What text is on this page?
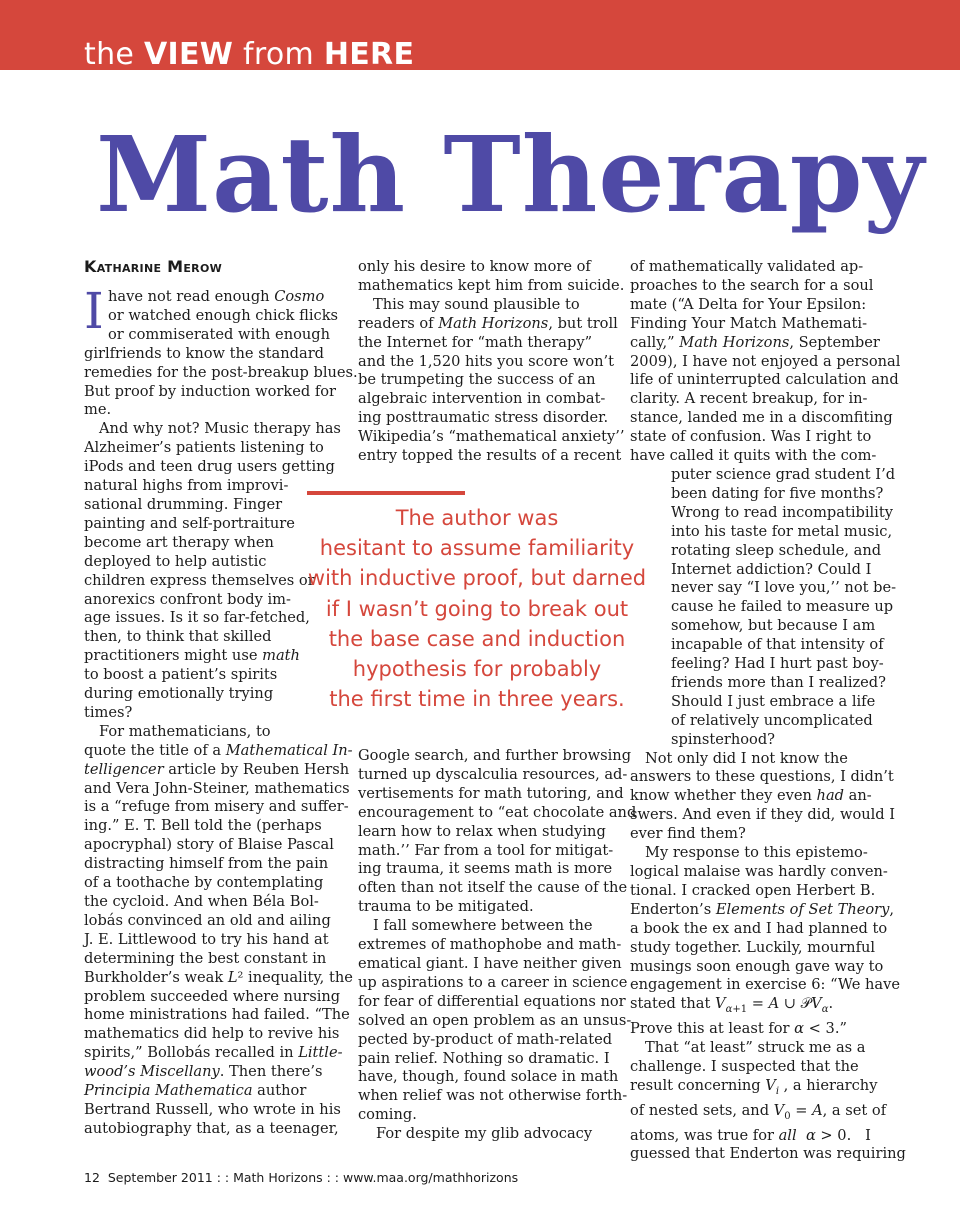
the VIEW from HERE
Math Therapy
Katharine Merow
I have not read enough Cosmo
or watched enough chick flicks
or commiserated with enough
girlfriends to know the standard
remedies for the post-breakup blues.
But proof by induction worked for
me.
And why not? Music therapy has
Alzheimer’s patients listening to
iPods and teen drug users getting
natural highs from improvi-
sational drumming. Finger
painting and self-portraiture
become art therapy when
deployed to help autistic
children express themselves or
anorexics confront body im-
age issues. Is it so far-fetched,
then, to think that skilled
practitioners might use math
to boost a patient’s spirits
during emotionally trying
times?
For mathematicians, to
quote the title of a Mathematical In-
telligencer article by Reuben Hersh
and Vera John-Steiner, mathematics
is a “refuge from misery and suffer-
ing.” E. T. Bell told the (perhaps
apocryphal) story of Blaise Pascal
distracting himself from the pain
of a toothache by contemplating
the cycloid. And when Béla Bol-
lobás convinced an old and ailing
J. E. Littlewood to try his hand at
determining the best constant in
Burkholder’s weak L² inequality, the
problem succeeded where nursing
home ministrations had failed. “The
mathematics did help to revive his
spirits,” Bollobás recalled in Little-
wood’s Miscellany. Then there’s
Principia Mathematica author
Bertrand Russell, who wrote in his
autobiography that, as a teenager,
only his desire to know more of
mathematics kept him from suicide.
This may sound plausible to
readers of Math Horizons, but troll
the Internet for “math therapy”
and the 1,520 hits you score won’t
be trumpeting the success of an
algebraic intervention in combat-
ing posttraumatic stress disorder.
Wikipedia’s “mathematical anxiety’’
entry topped the results of a recent
The author was
hesitant to assume familiarity
with inductive proof, but darned
if I wasn’t going to break out
the base case and induction
hypothesis for probably
the first time in three years.
Google search, and further browsing
turned up dyscalculia resources, ad-
vertisements for math tutoring, and
encouragement to “eat chocolate and
learn how to relax when studying
math.’’ Far from a tool for mitigat-
ing trauma, it seems math is more
often than not itself the cause of the
trauma to be mitigated.
I fall somewhere between the
extremes of mathophobe and math-
ematical giant. I have neither given
up aspirations to a career in science
for fear of differential equations nor
solved an open problem as an unsus-
pected by-product of math-related
pain relief. Nothing so dramatic. I
have, though, found solace in math
when relief was not otherwise forth-
coming.
For despite my glib advocacy
of mathematically validated ap-
proaches to the search for a soul
mate (“A Delta for Your Epsilon:
Finding Your Match Mathemati-
cally,” Math Horizons, September
2009), I have not enjoyed a personal
life of uninterrupted calculation and
clarity. A recent breakup, for in-
stance, landed me in a discomfiting
state of confusion. Was I right to
have called it quits with the com-
puter science grad student I’d
been dating for five months?
Wrong to read incompatibility
into his taste for metal music,
rotating sleep schedule, and
Internet addiction? Could I
never say “I love you,’’ not be-
cause he failed to measure up
somehow, but because I am
incapable of that intensity of
feeling? Had I hurt past boy-
friends more than I realized?
Should I just embrace a life
of relatively uncomplicated
spinsterhood?
Not only did I not know the
answers to these questions, I didn’t
know whether they even had an-
swers. And even if they did, would I
ever find them?
My response to this epistemo-
logical malaise was hardly conven-
tional. I cracked open Herbert B.
Enderton’s Elements of Set Theory,
a book the ex and I had planned to
study together. Luckily, mournful
musings soon enough gave way to
engagement in exercise 6: “We have
stated that $V_{\alpha+1} = A$ ∪ 𝒫V$_\alpha$.
Prove this at least for α < 3.”
That “at least” struck me as a
challenge. I suspected that the
result concerning $V_i$ , a hierarchy
of nested sets, and $V_0 = A$, a set of
atoms, was true for all α > 0.   I
guessed that Enderton was requiring
12 September 2011 : : Math Horizons : : www.maa.org/mathhorizons
